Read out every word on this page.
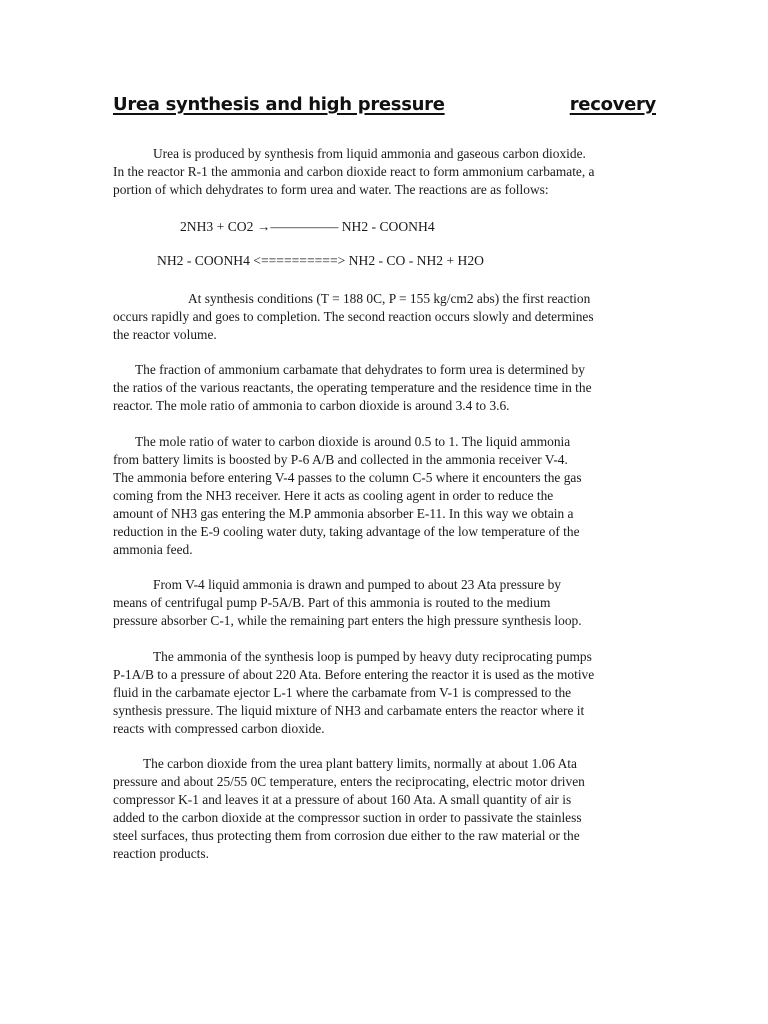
Urea synthesis and high pressure	recovery
Urea is produced by synthesis from liquid ammonia and gaseous carbon dioxide.
In the reactor R-1 the ammonia and carbon dioxide react to form ammonium carbamate, a
portion of which dehydrates to form urea and water. The reactions are as follows:
2NH3 + CO2 →————— NH2 - COONH4
NH2 - COONH4 <==========> NH2 - CO - NH2 + H2O
At synthesis conditions (T = 188 0C, P = 155 kg/cm2 abs) the first reaction
occurs rapidly and goes to completion. The second reaction occurs slowly and determines
the reactor volume.
The fraction of ammonium carbamate that dehydrates to form urea is determined by
the ratios of the various reactants, the operating temperature and the residence time in the
reactor. The mole ratio of ammonia to carbon dioxide is around 3.4 to 3.6.
The mole ratio of water to carbon dioxide is around 0.5 to 1. The liquid ammonia
from battery limits is boosted by P-6 A/B and collected in the ammonia receiver V-4.
The ammonia before entering V-4 passes to the column C-5 where it encounters the gas
coming from the NH3 receiver. Here it acts as cooling agent in order to reduce the
amount of NH3 gas entering the M.P ammonia absorber E-11. In this way we obtain a
reduction in the E-9 cooling water duty, taking advantage of the low temperature of the
ammonia feed.
From V-4 liquid ammonia is drawn and pumped to about 23 Ata pressure by
means of centrifugal pump P-5A/B. Part of this ammonia is routed to the medium
pressure absorber C-1, while the remaining part enters the high pressure synthesis loop.
The ammonia of the synthesis loop is pumped by heavy duty reciprocating pumps
P-1A/B to a pressure of about 220 Ata. Before entering the reactor it is used as the motive
fluid in the carbamate ejector L-1 where the carbamate from V-1 is compressed to the
synthesis pressure. The liquid mixture of NH3 and carbamate enters the reactor where it
reacts with compressed carbon dioxide.
The carbon dioxide from the urea plant battery limits, normally at about 1.06 Ata
pressure and about 25/55 0C temperature, enters the reciprocating, electric motor driven
compressor K-1 and leaves it at a pressure of about 160 Ata. A small quantity of air is
added to the carbon dioxide at the compressor suction in order to passivate the stainless
steel surfaces, thus protecting them from corrosion due either to the raw material or the
reaction products.
